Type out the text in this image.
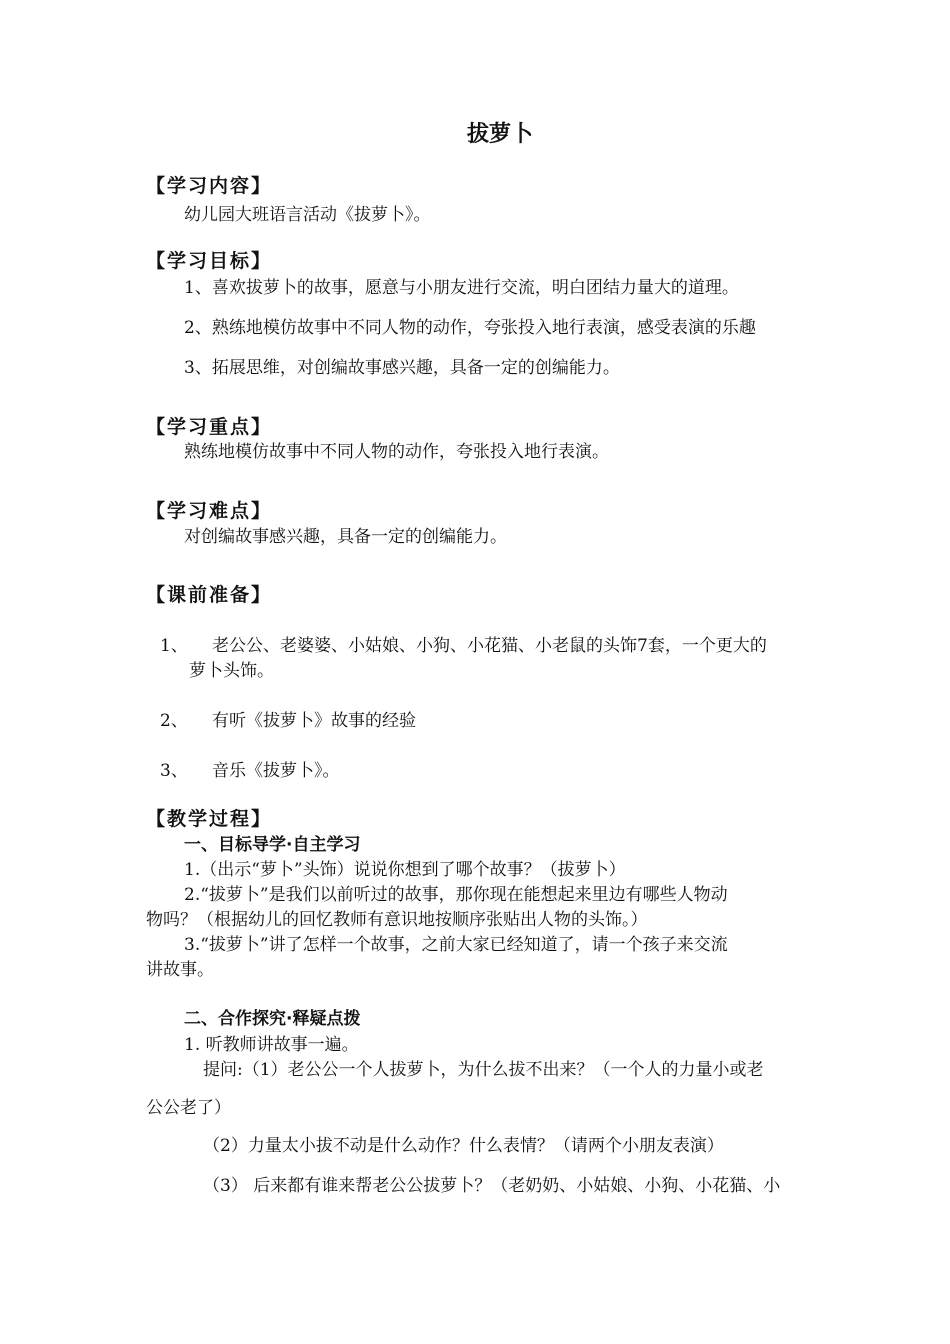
拔萝卜
【学习内容】
幼儿园大班语言活动《拔萝卜》。
【学习目标】
1、喜欢拔萝卜的故事，愿意与小朋友进行交流，明白团结力量大的道理。
2、熟练地模仿故事中不同人物的动作，夸张投入地行表演，感受表演的乐趣
3、拓展思维，对创编故事感兴趣，具备一定的创编能力。
【学习重点】
熟练地模仿故事中不同人物的动作，夸张投入地行表演。
【学习难点】
对创编故事感兴趣，具备一定的创编能力。
【课前准备】
1、 老公公、老婆婆、小姑娘、小狗、小花猫、小老鼠的头饰7套，一个更大的
萝卜头饰。
2、 有听《拔萝卜》故事的经验
3、 音乐《拔萝卜》。
【教学过程】
一、目标导学·自主学习
1.（出示“萝卜”头饰）说说你想到了哪个故事？（拔萝卜）
2.“拔萝卜”是我们以前听过的故事，那你现在能想起来里边有哪些人物动
物吗？（根据幼儿的回忆教师有意识地按顺序张贴出人物的头饰。）
3.“拔萝卜”讲了怎样一个故事，之前大家已经知道了，请一个孩子来交流
讲故事。
二、合作探究·释疑点拨
1. 听教师讲故事一遍。
提问:（1）老公公一个人拔萝卜，为什么拔不出来？（一个人的力量小或老
公公老了）
（2）力量太小拔不动是什么动作？什么表情？（请两个小朋友表演）
（3） 后来都有谁来帮老公公拔萝卜？（老奶奶、小姑娘、小狗、小花猫、小
